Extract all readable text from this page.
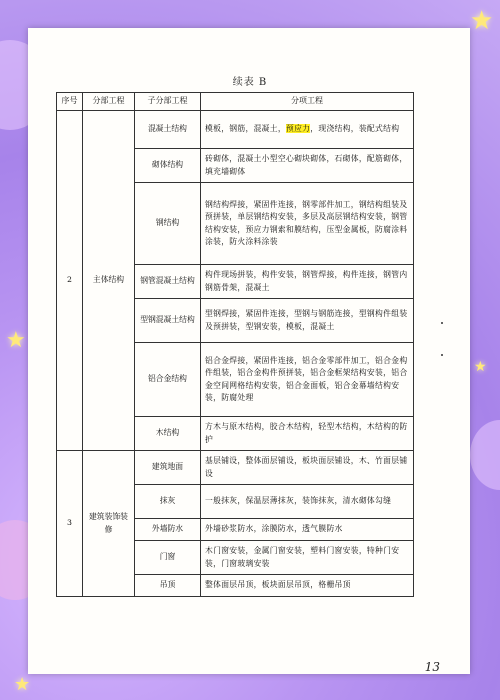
★
★
★
★
续表 B
序号	分部工程	子分部工程	分项工程
2	主体结构	混凝土结构	模板，钢筋，混凝土，预应力，现浇结构，装配式结构
		砌体结构	砖砌体，混凝土小型空心砌块砌体，石砌体，配筋砌体，填充墙砌体
		钢结构	钢结构焊接，紧固件连接，钢零部件加工，钢结构组装及预拼装，单层钢结构安装，多层及高层钢结构安装，钢管结构安装，预应力钢索和膜结构，压型金属板，防腐涂料涂装，防火涂料涂装
		钢管混凝土结构	构件现场拼装，构件安装，钢管焊接，构件连接，钢管内钢筋骨架，混凝土
		型钢混凝土结构	型钢焊接，紧固件连接，型钢与钢筋连接，型钢构件组装及预拼装，型钢安装，模板，混凝土
		铝合金结构	铝合金焊接，紧固件连接，铝合金零部件加工，铝合金构件组装，铝合金构件预拼装，铝合金框架结构安装，铝合金空间网格结构安装，铝合金面板，铝合金幕墙结构安装，防腐处理
		木结构	方木与原木结构，胶合木结构，轻型木结构，木结构的防护
3	建筑装饰装修	建筑地面	基层铺设，整体面层铺设，板块面层铺设，木、竹面层铺设
		抹灰	一般抹灰，保温层薄抹灰，装饰抹灰，清水砌体勾缝
		外墙防水	外墙砂浆防水，涂膜防水，透气膜防水
		门窗	木门窗安装，金属门窗安装，塑料门窗安装，特种门安装，门窗玻璃安装
		吊顶	整体面层吊顶，板块面层吊顶，格栅吊顶
13
